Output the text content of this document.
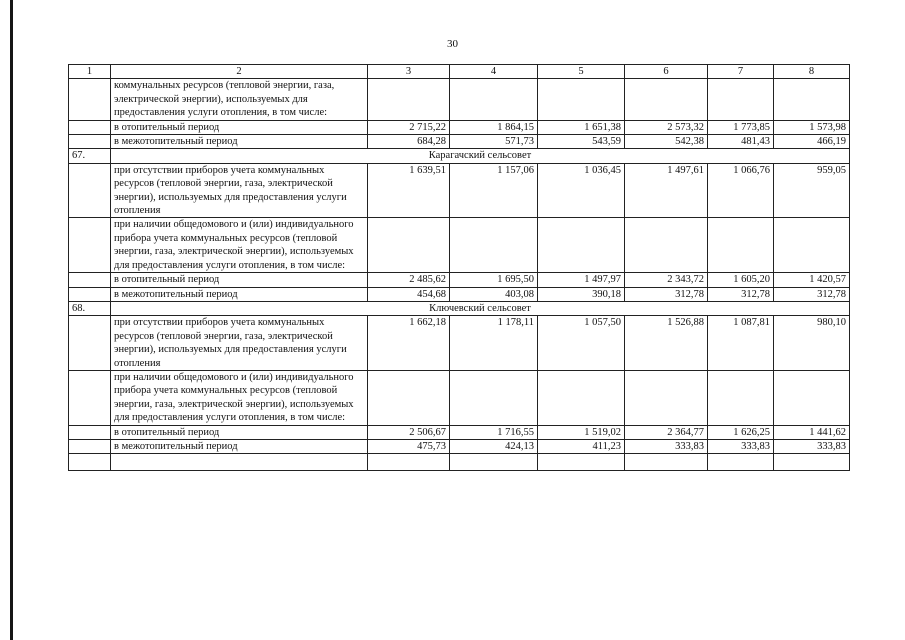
30
1	2	3	4	5	6	7	8
	коммунальных ресурсов (тепловой энергии, газа, электрической энергии), используемых для предоставления услуги отопления, в том числе:						
	в отопительный период	2 715,22	1 864,15	1 651,38	2 573,32	1 773,85	1 573,98
	в межотопительный период	684,28	571,73	543,59	542,38	481,43	466,19
67.	Карагачский сельсовет						
	при отсутствии приборов учета коммунальных ресурсов (тепловой энергии, газа, электрической энергии), используемых для предоставления услуги отопления	1 639,51	1 157,06	1 036,45	1 497,61	1 066,76	959,05
	при наличии общедомового и (или) индивидуального прибора учета коммунальных ресурсов (тепловой энергии, газа, электрической энергии), используемых для предоставления услуги отопления, в том числе:						
	в отопительный период	2 485,62	1 695,50	1 497,97	2 343,72	1 605,20	1 420,57
	в межотопительный период	454,68	403,08	390,18	312,78	312,78	312,78
68.	Ключевский сельсовет						
	при отсутствии приборов учета коммунальных ресурсов (тепловой энергии, газа, электрической энергии), используемых для предоставления услуги отопления	1 662,18	1 178,11	1 057,50	1 526,88	1 087,81	980,10
	при наличии общедомового и (или) индивидуального прибора учета коммунальных ресурсов (тепловой энергии, газа, электрической энергии), используемых для предоставления услуги отопления, в том числе:						
	в отопительный период	2 506,67	1 716,55	1 519,02	2 364,77	1 626,25	1 441,62
	в межотопительный период	475,73	424,13	411,23	333,83	333,83	333,83
